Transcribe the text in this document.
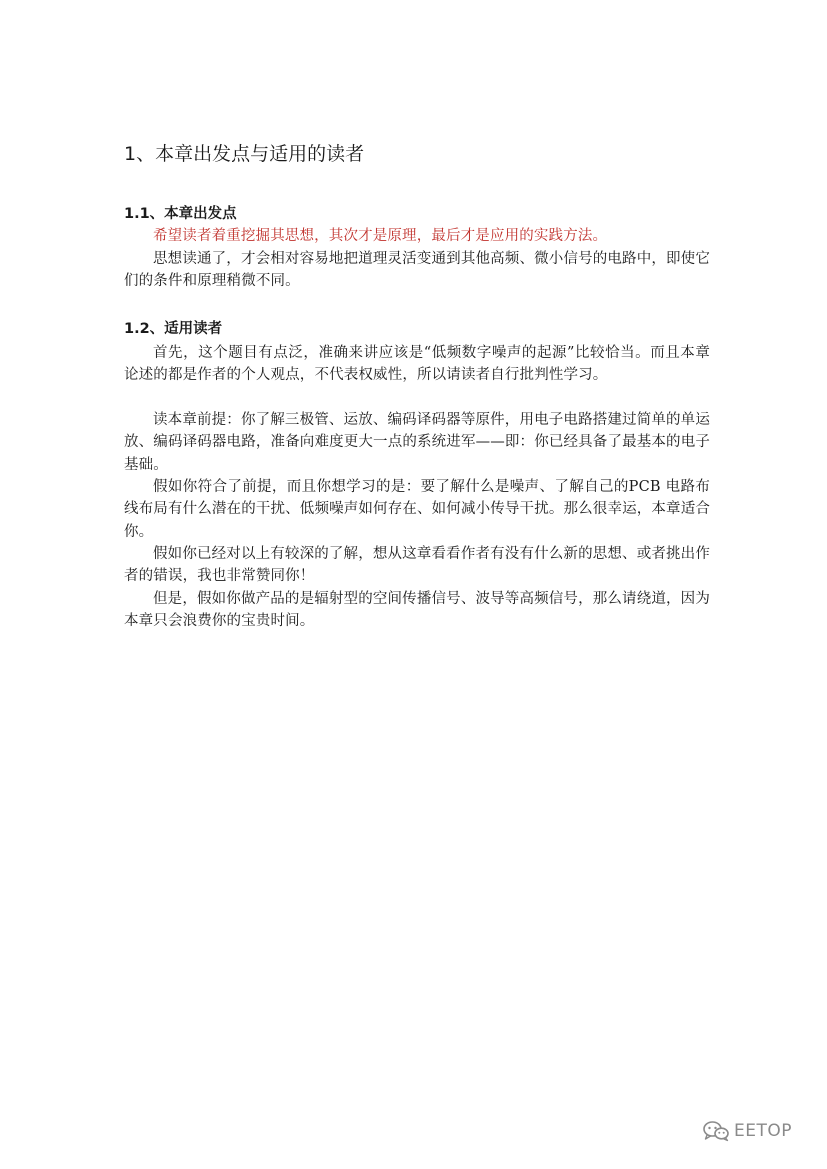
1、本章出发点与适用的读者
1.1、本章出发点

希望读者着重挖掘其思想，其次才是原理，最后才是应用的实践方法。

思想读通了，才会相对容易地把道理灵活变通到其他高频、微小信号的电路中，即使它们的条件和原理稍微不同。

1.2、适用读者

首先，这个题目有点泛，准确来讲应该是“低频数字噪声的起源”比较恰当。而且本章论述的都是作者的个人观点，不代表权威性，所以请读者自行批判性学习。

读本章前提：你了解三极管、运放、编码译码器等原件，用电子电路搭建过简单的单运放、编码译码器电路，准备向难度更大一点的系统进军——即：你已经具备了最基本的电子基础。

假如你符合了前提，而且你想学习的是：要了解什么是噪声、了解自己的PCB 电路布线布局有什么潜在的干扰、低频噪声如何存在、如何减小传导干扰。那么很幸运，本章适合你。

假如你已经对以上有较深的了解，想从这章看看作者有没有什么新的思想、或者挑出作者的错误，我也非常赞同你！

但是，假如你做产品的是辐射型的空间传播信号、波导等高频信号，那么请绕道，因为本章只会浪费你的宝贵时间。

EETOP
